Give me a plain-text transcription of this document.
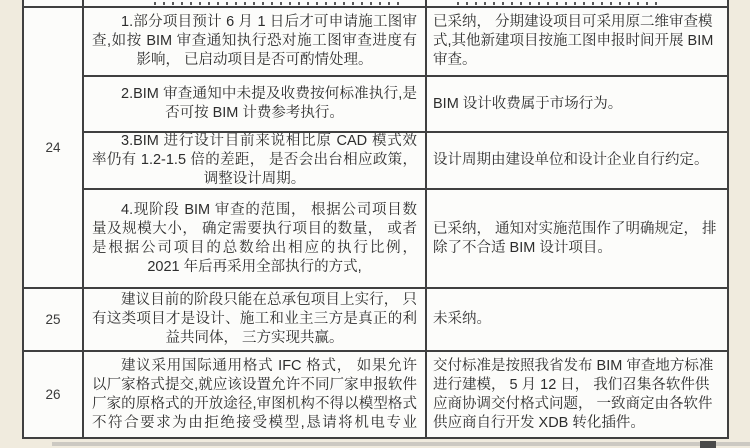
24
1.部分项目预计 6 月 1 日后才可申请施工图审查,如按 BIM 审查通知执行恐对施工图审查进度有影响， 已启动项目是否可酌情处理。
已采纳， 分期建设项目可采用原二维审查模式,其他新建项目按施工图申报时间开展 BIM 审查。
2.BIM 审查通知中未提及收费按何标准执行,是否可按 BIM 计费参考执行。
BIM 设计收费属于市场行为。
3.BIM 进行设计目前来说相比原 CAD 模式效率仍有 1.2-1.5 倍的差距， 是否会出台相应政策， 调整设计周期。
设计周期由建设单位和设计企业自行约定。
4.现阶段 BIM 审查的范围， 根据公司项目数量及规模大小， 确定需要执行项目的数量， 或者是根据公司项目的总数给出相应的执行比例， 2021 年后再采用全部执行的方式,
已采纳， 通知对实施范围作了明确规定， 排除了不合适 BIM 设计项目。
25
建议目前的阶段只能在总承包项目上实行， 只有这类项目才是设计、施工和业主三方是真正的利益共同体， 三方实现共赢。
未采纳。
26
建议采用国际通用格式 IFC 格式， 如果允许以厂家格式提交,就应该设置允许不同厂家申报软件厂家的原格式的开放途径,审图机构不得以模型格式不符合要求为由拒绝接受模型,恳请将机电专业
交付标准是按照我省发布 BIM 审查地方标准进行建模， 5 月 12 日， 我们召集各软件供应商协调交付格式问题， 一致商定由各软件供应商自行开发 XDB 转化插件。
